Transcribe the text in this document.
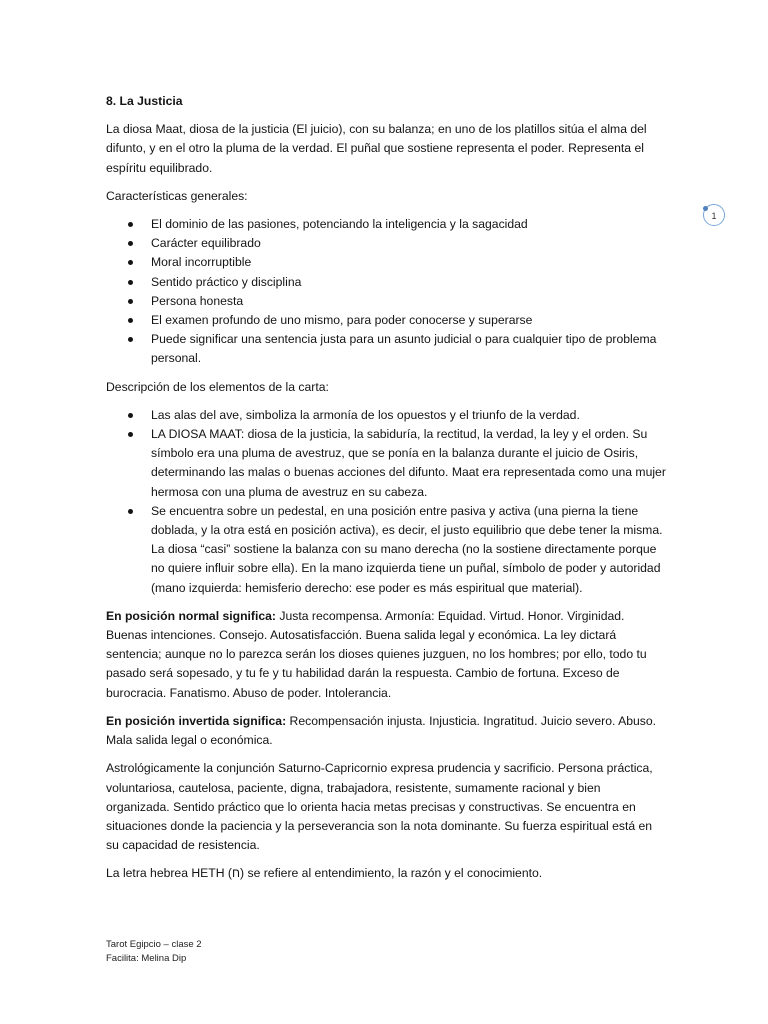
8. La Justicia

La diosa Maat, diosa de la justicia (El juicio), con su balanza; en uno de los platillos sitúa el alma del difunto, y en el otro la pluma de la verdad. El puñal que sostiene representa el poder. Representa el espíritu equilibrado.

Características generales:

El dominio de las pasiones, potenciando la inteligencia y la sagacidad
Carácter equilibrado
Moral incorruptible
Sentido práctico y disciplina
Persona honesta
El examen profundo de uno mismo, para poder conocerse y superarse
Puede significar una sentencia justa para un asunto judicial o para cualquier tipo de problema personal.

Descripción de los elementos de la carta:

Las alas del ave, simboliza la armonía de los opuestos y el triunfo de la verdad.
LA DIOSA MAAT: diosa de la justicia, la sabiduría, la rectitud, la verdad, la ley y el orden. Su símbolo era una pluma de avestruz, que se ponía en la balanza durante el juicio de Osiris, determinando las malas o buenas acciones del difunto. Maat era representada como una mujer hermosa con una pluma de avestruz en su cabeza.
Se encuentra sobre un pedestal, en una posición entre pasiva y activa (una pierna la tiene doblada, y la otra está en posición activa), es decir, el justo equilibrio que debe tener la misma. La diosa “casi” sostiene la balanza con su mano derecha (no la sostiene directamente porque no quiere influir sobre ella). En la mano izquierda tiene un puñal, símbolo de poder y autoridad (mano izquierda: hemisferio derecho: ese poder es más espiritual que material).

En posición normal significa: Justa recompensa. Armonía: Equidad. Virtud. Honor. Virginidad. Buenas intenciones. Consejo. Autosatisfacción. Buena salida legal y económica. La ley dictará sentencia; aunque no lo parezca serán los dioses quienes juzguen, no los hombres; por ello, todo tu pasado será sopesado, y tu fe y tu habilidad darán la respuesta. Cambio de fortuna. Exceso de burocracia. Fanatismo. Abuso de poder. Intolerancia.

En posición invertida significa: Recompensación injusta. Injusticia. Ingratitud. Juicio severo. Abuso. Mala salida legal o económica.

Astrológicamente la conjunción Saturno-Capricornio expresa prudencia y sacrificio. Persona práctica, voluntariosa, cautelosa, paciente, digna, trabajadora, resistente, sumamente racional y bien organizada. Sentido práctico que lo orienta hacia metas precisas y constructivas. Se encuentra en situaciones donde la paciencia y la perseverancia son la nota dominante. Su fuerza espiritual está en su capacidad de resistencia.

La letra hebrea HETH (ח) se refiere al entendimiento, la razón y el conocimiento.

1
Tarot Egipcio – clase 2
Facilita: Melina Dip
